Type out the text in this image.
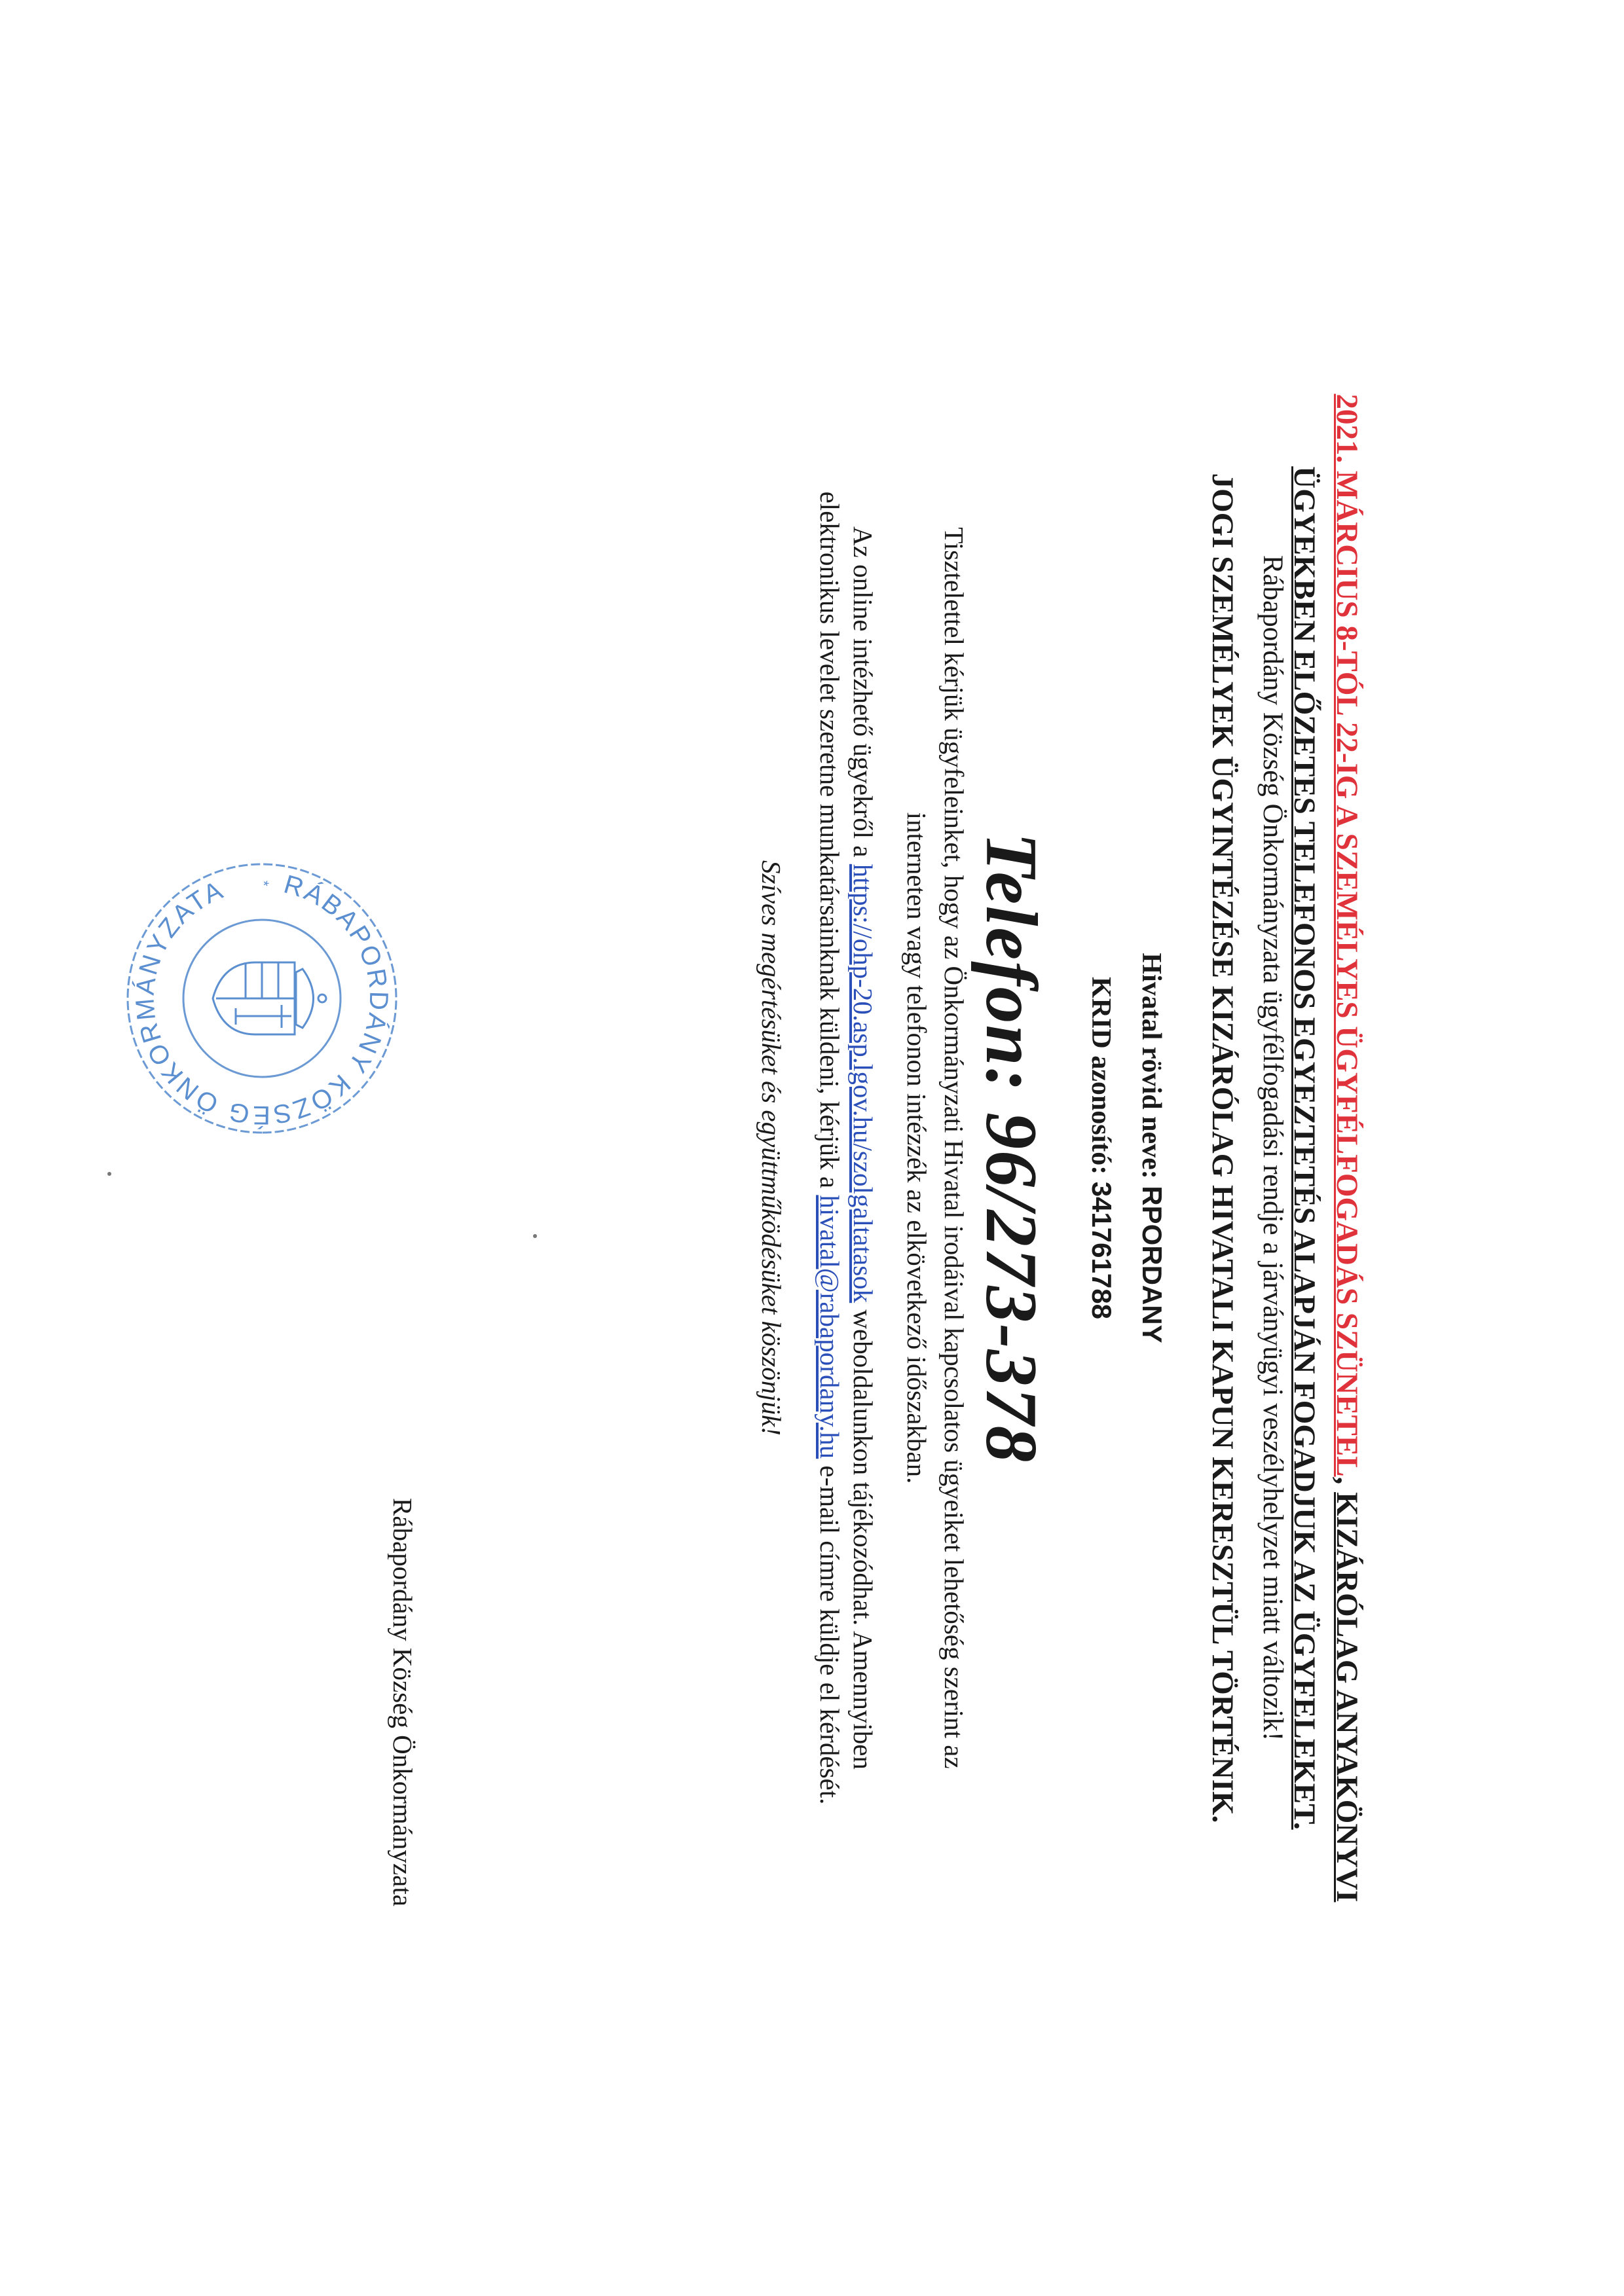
Rábapordány Község Önkormányzata ügyfélfogadási rendje a járványügyi veszélyhelyzet miatt változik! 2021. MÁRCIUS 8-TÓL 22-IG A SZEMÉLYES ÜGYFÉLFOGADÁS SZÜNETEL, KIZÁRÓLAG ANYAKÖNYVI
ÜGYEKBEN ELŐZETES TELEFONOS EGYEZTETÉS ALAPJÁN FOGADJUK AZ ÜGYFELEKET.
JOGI SZEMÉLYEK ÜGYINTÉZÉSE KIZÁRÓLAG HIVATALI KAPUN KERESZTÜL TÖRTÉNIK.
Hivatal rövid neve: RPORDANY
KRID azonosító: 341761788
Telefon: 96/273-378
Tisztelettel kérjük ügyfeleinket, hogy az Önkormányzati Hivatal irodáival kapcsolatos ügyeiket lehetőség szerint az
interneten vagy telefonon intézzék az elkövetkező időszakban.
Az online intézhető ügyekről a https://ohp-20.asp.lgov.hu/szolgaltatasok weboldalunkon tájékozódhat. Amennyiben
elektronikus levelet szeretne munkatársainknak küldeni, kérjük a hivatal@rabapordany.hu e-mail címre küldje el kérdését.
Szíves megértésüket és együttműködésüket köszönjük!
Rábapordány Község Önkormányzata
RÁBAPORDÁNY KÖZSÉG ÖNKORMÁNYZATA	*
